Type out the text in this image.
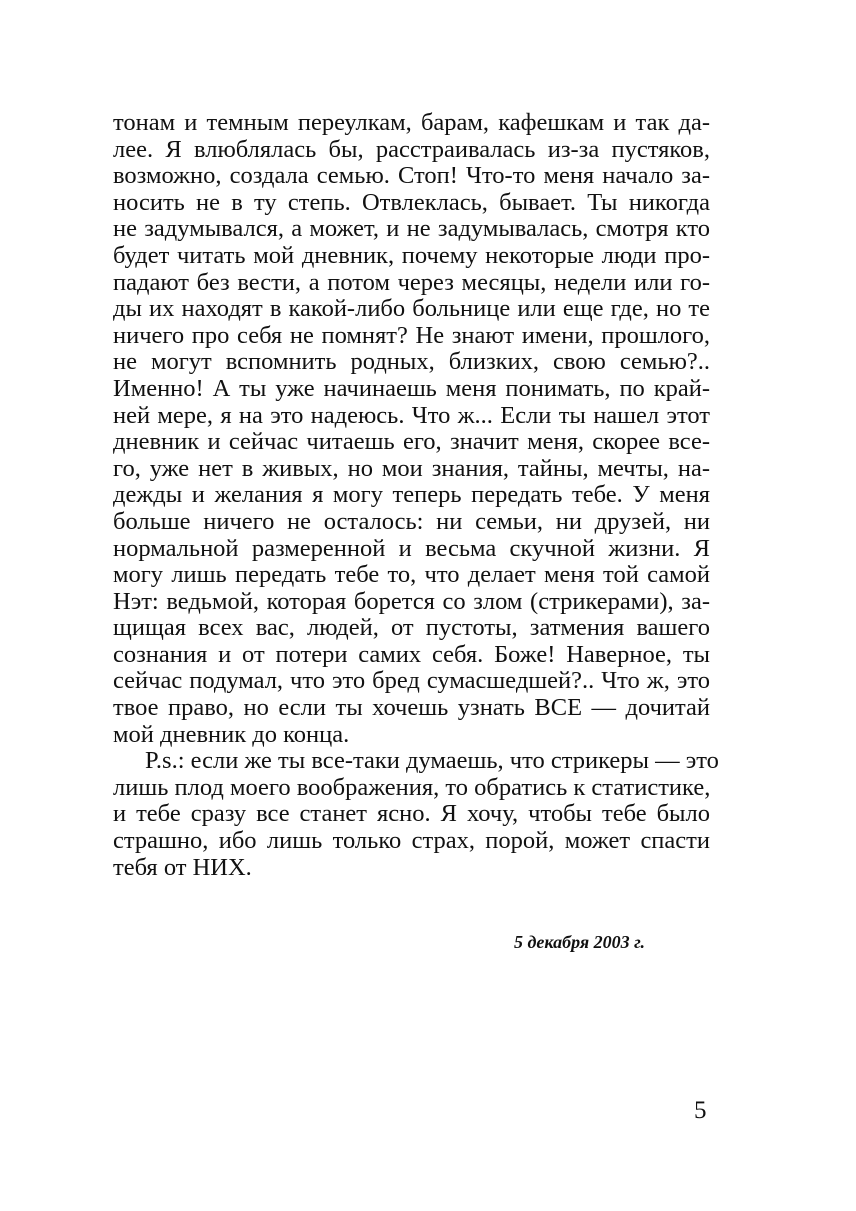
тонам и темным переулкам, барам, кафешкам и так да-
лее. Я влюблялась бы, расстраивалась из-за пустяков,
возможно, создала семью. Стоп! Что-то меня начало за-
носить не в ту степь. Отвлеклась, бывает. Ты никогда
не задумывался, а может, и не задумывалась, смотря кто
будет читать мой дневник, почему некоторые люди про-
падают без вести, а потом через месяцы, недели или го-
ды их находят в какой-либо больнице или еще где, но те
ничего про себя не помнят? Не знают имени, прошлого,
не могут вспомнить родных, близких, свою семью?..
Именно! А ты уже начинаешь меня понимать, по край-
ней мере, я на это надеюсь. Что ж... Если ты нашел этот
дневник и сейчас читаешь его, значит меня, скорее все-
го, уже нет в живых, но мои знания, тайны, мечты, на-
дежды и желания я могу теперь передать тебе. У меня
больше ничего не осталось: ни семьи, ни друзей, ни
нормальной размеренной и весьма скучной жизни. Я
могу лишь передать тебе то, что делает меня той самой
Нэт: ведьмой, которая борется со злом (стрикерами), за-
щищая всех вас, людей, от пустоты, затмения вашего
сознания и от потери самих себя. Боже! Наверное, ты
сейчас подумал, что это бред сумасшедшей?.. Что ж, это
твое право, но если ты хочешь узнать ВСЕ — дочитай
мой дневник до конца.
P.s.: если же ты все-таки думаешь, что стрикеры — это
лишь плод моего воображения, то обратись к статистике,
и тебе сразу все станет ясно. Я хочу, чтобы тебе было
страшно, ибо лишь только страх, порой, может спасти
тебя от НИХ.
5 декабря 2003 г.
5
